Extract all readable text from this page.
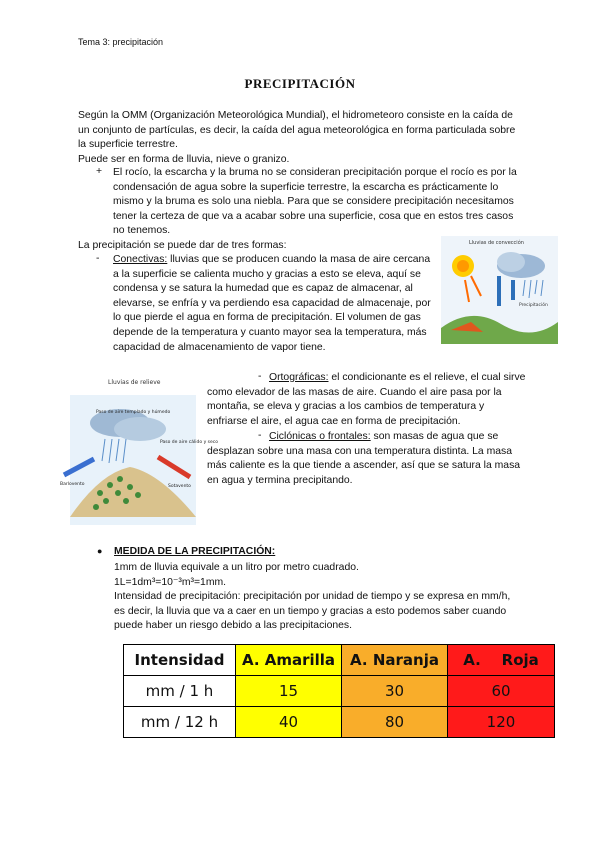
Tema 3: precipitación
PRECIPITACIÓN
Según la OMM (Organización Meteorológica Mundial), el hidrometeoro consiste en la caída de un conjunto de partículas, es decir, la caída del agua meteorológica en forma particulada sobre la superficie terrestre.
Puede ser en forma de lluvia, nieve o granizo.
+ El rocío, la escarcha y la bruma no se consideran precipitación porque el rocío es por la condensación de agua sobre la superficie terrestre, la escarcha es prácticamente lo mismo y la bruma es solo una niebla. Para que se considere precipitación necesitamos tener la certeza de que va a acabar sobre una superficie, cosa que en estos tres casos no tenemos.
La precipitación se puede dar de tres formas:
- Conectivas: lluvias que se producen cuando la masa de aire cercana a la superficie se calienta mucho y gracias a esto se eleva, aquí se condensa y se satura la humedad que es capaz de almacenar, al elevarse, se enfría y va perdiendo esa capacidad de almacenaje, por lo que pierde el agua en forma de precipitación. El volumen de gas depende de la temperatura y cuanto mayor sea la temperatura, más capacidad de almacenamiento de vapor tiene.
Lluvias de convección
Precipitación
Lluvias de relieve
Paso de aire templado y húmedo
Paso de aire cálido y seco
Barlovento	Sotavento
- Ortográficas: el condicionante es el relieve, el cual sirve como elevador de las masas de aire. Cuando el aire pasa por la montaña, se eleva y gracias a los cambios de temperatura y enfriarse el aire, el agua cae en forma de precipitación.
- Ciclónicas o frontales: son masas de agua que se desplazan sobre una masa con una temperatura distinta. La masa más caliente es la que tiende a ascender, así que se satura la masa en agua y termina precipitando.
● MEDIDA DE LA PRECIPITACIÓN:
1mm de lluvia equivale a un litro por metro cuadrado.
1L=1dm³=10⁻³m³=1mm.
Intensidad de precipitación: precipitación por unidad de tiempo y se expresa en mm/h, es decir, la lluvia que va a caer en un tiempo y gracias a esto podemos saber cuando puede haber un riesgo debido a las precipitaciones.
Intensidad	A. Amarilla	A. Naranja	A.    Roja
mm / 1 h	15	30	60
mm / 12 h	40	80	120
